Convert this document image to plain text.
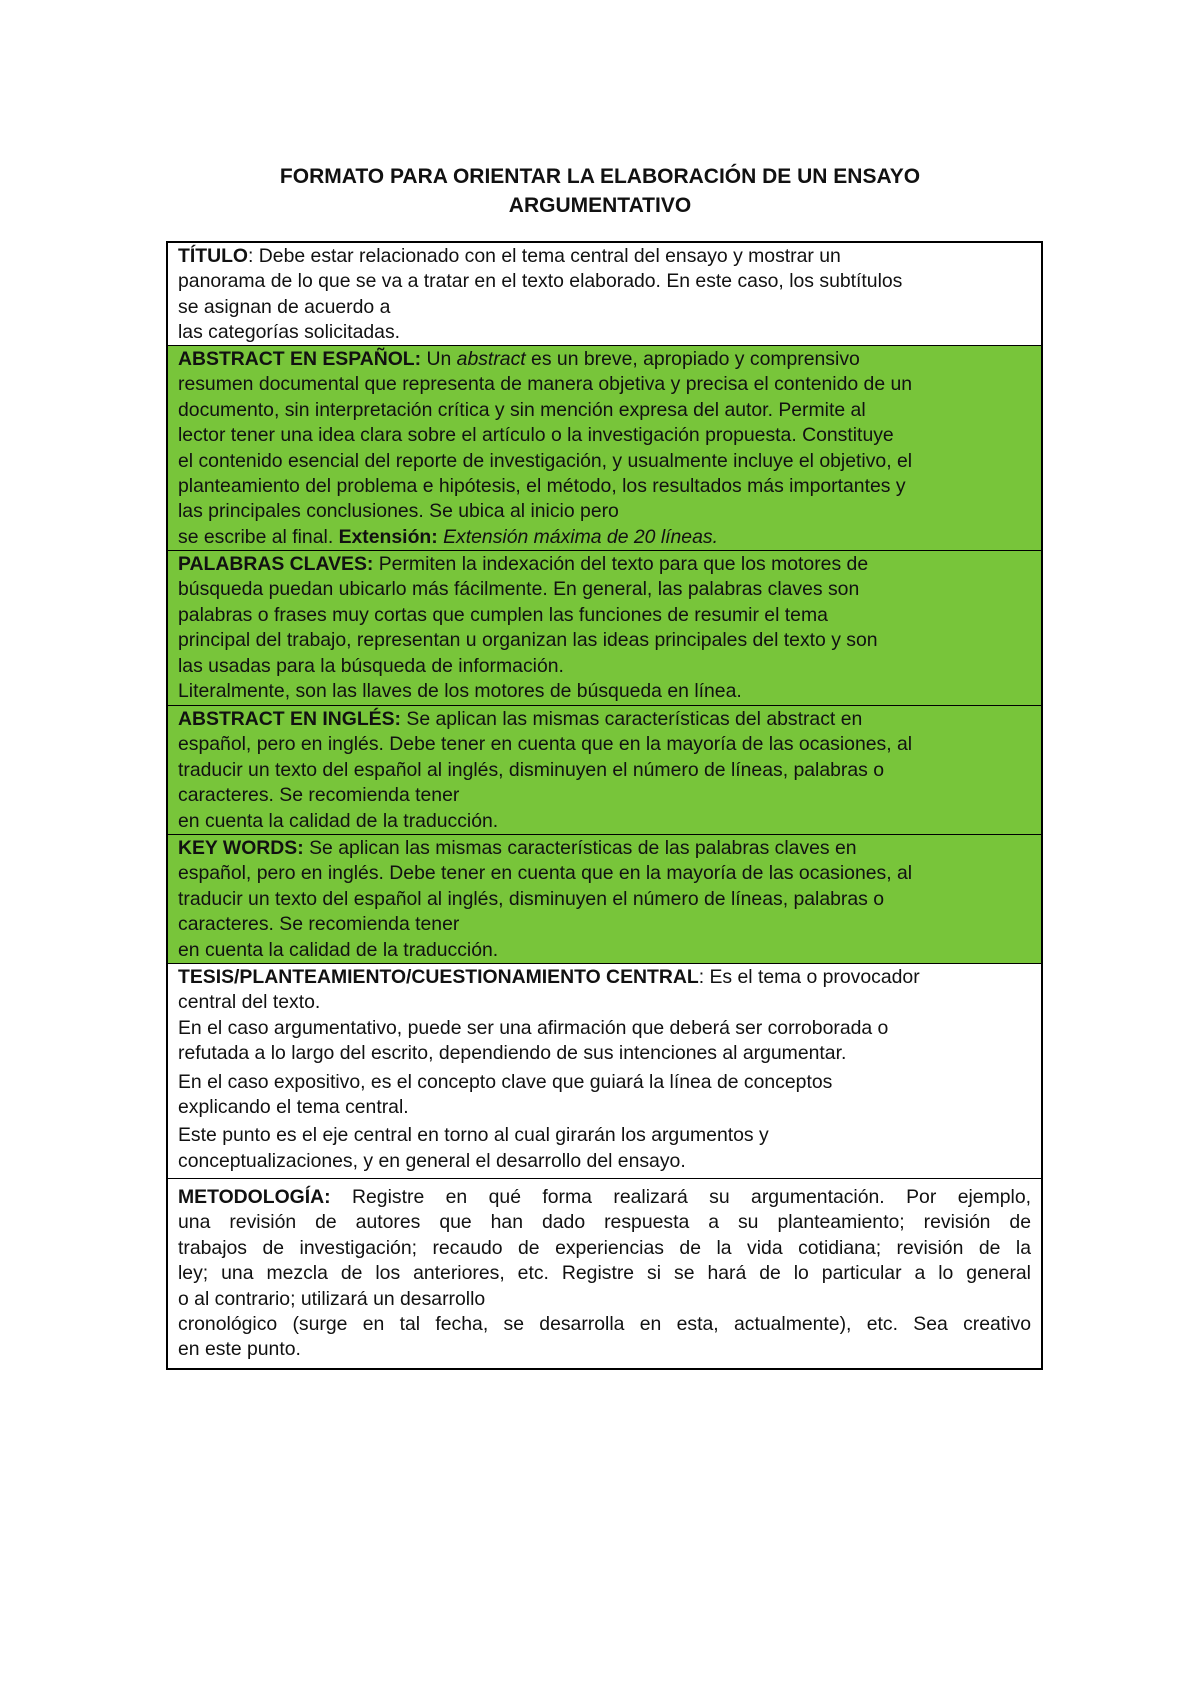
FORMATO PARA ORIENTAR LA ELABORACIÓN DE UN ENSAYO
ARGUMENTATIVO
TÍTULO: Debe estar relacionado con el tema central del ensayo y mostrar un
panorama de lo que se va a tratar en el texto elaborado. En este caso, los subtítulos
se asignan de acuerdo a
las categorías solicitadas.
ABSTRACT EN ESPAÑOL: Un abstract es un breve, apropiado y comprensivo
resumen documental que representa de manera objetiva y precisa el contenido de un
documento, sin interpretación crítica y sin mención expresa del autor. Permite al
lector tener una idea clara sobre el artículo o la investigación propuesta. Constituye
el contenido esencial del reporte de investigación, y usualmente incluye el objetivo, el
planteamiento del problema e hipótesis, el método, los resultados más importantes y
las principales conclusiones. Se ubica al inicio pero
se escribe al final. Extensión: Extensión máxima de 20 líneas.
PALABRAS CLAVES: Permiten la indexación del texto para que los motores de
búsqueda puedan ubicarlo más fácilmente. En general, las palabras claves son
palabras o frases muy cortas que cumplen las funciones de resumir el tema
principal del trabajo, representan u organizan las ideas principales del texto y son
las usadas para la búsqueda de información.
Literalmente, son las llaves de los motores de búsqueda en línea.
ABSTRACT EN INGLÉS: Se aplican las mismas características del abstract en
español, pero en inglés. Debe tener en cuenta que en la mayoría de las ocasiones, al
traducir un texto del español al inglés, disminuyen el número de líneas, palabras o
caracteres. Se recomienda tener
en cuenta la calidad de la traducción.
KEY WORDS: Se aplican las mismas características de las palabras claves en
español, pero en inglés. Debe tener en cuenta que en la mayoría de las ocasiones, al
traducir un texto del español al inglés, disminuyen el número de líneas, palabras o
caracteres. Se recomienda tener
en cuenta la calidad de la traducción.
TESIS/PLANTEAMIENTO/CUESTIONAMIENTO CENTRAL: Es el tema o provocador
central del texto.
En el caso argumentativo, puede ser una afirmación que deberá ser corroborada o
refutada a lo largo del escrito, dependiendo de sus intenciones al argumentar.
En el caso expositivo, es el concepto clave que guiará la línea de conceptos
explicando el tema central.
Este punto es el eje central en torno al cual girarán los argumentos y
conceptualizaciones, y en general el desarrollo del ensayo.
METODOLOGÍA: Registre en qué forma realizará su argumentación. Por ejemplo,
una revisión de autores que han dado respuesta a su planteamiento; revisión de
trabajos de investigación; recaudo de experiencias de la vida cotidiana; revisión de la
ley; una mezcla de los anteriores, etc. Registre si se hará de lo particular a lo general
o al contrario; utilizará un desarrollo
cronológico (surge en tal fecha, se desarrolla en esta, actualmente), etc. Sea creativo
en este punto.
